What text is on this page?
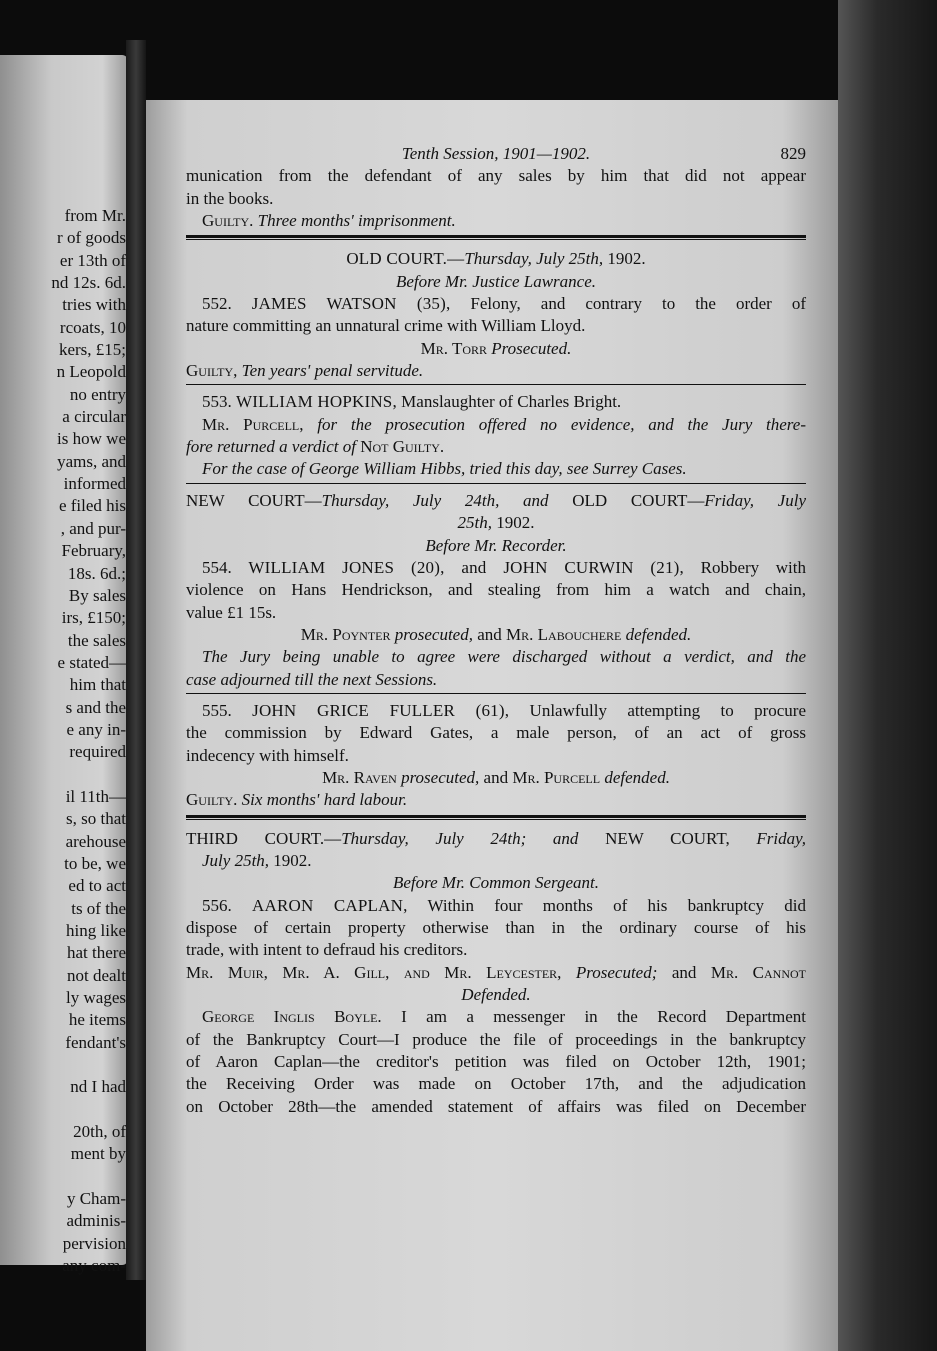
from Mr.
r of goods
er 13th of
nd 12s. 6d.
tries with
rcoats, 10
kers, £15;
n Leopold
no entry
a circular
is how we
yams, and
informed
e filed his
, and pur-
February,
18s. 6d.;
By sales
irs, £150;
the sales
e stated—
him that
s and the
e any in-
required

il 11th—
s, so that
arehouse
to be, we
ed to act
ts of the
hing like
hat there
not dealt
ly wages
he items
fendant's

nd I had

20th, of
ment by

y Cham-
adminis-
pervision
any com-
Tenth Session, 1901—1902.	829
munication from the defendant of any sales by him that did not appear
in the books.
Guilty. Three months' imprisonment.
OLD COURT.—Thursday, July 25th, 1902.
Before Mr. Justice Lawrance.
552. JAMES WATSON (35), Felony, and contrary to the order of
nature committing an unnatural crime with William Lloyd.
Mr. Torr Prosecuted.
Guilty, Ten years' penal servitude.
553. WILLIAM HOPKINS, Manslaughter of Charles Bright.
Mr. Purcell, for the prosecution offered no evidence, and the Jury there-
fore returned a verdict of Not Guilty.
For the case of George William Hibbs, tried this day, see Surrey Cases.
NEW COURT—Thursday, July 24th, and OLD COURT—Friday, July
25th, 1902.
Before Mr. Recorder.
554. WILLIAM JONES (20), and JOHN CURWIN (21), Robbery with
violence on Hans Hendrickson, and stealing from him a watch and chain,
value £1 15s.
Mr. Poynter prosecuted, and Mr. Labouchere defended.
The Jury being unable to agree were discharged without a verdict, and the
case adjourned till the next Sessions.
555. JOHN GRICE FULLER (61), Unlawfully attempting to procure
the commission by Edward Gates, a male person, of an act of gross
indecency with himself.
Mr. Raven prosecuted, and Mr. Purcell defended.
Guilty. Six months' hard labour.
THIRD COURT.—Thursday, July 24th; and NEW COURT, Friday,
July 25th, 1902.
Before Mr. Common Sergeant.
556. AARON CAPLAN, Within four months of his bankruptcy did
dispose of certain property otherwise than in the ordinary course of his
trade, with intent to defraud his creditors.
Mr. Muir, Mr. A. Gill, and Mr. Leycester, Prosecuted; and Mr. Cannot
Defended.
George Inglis Boyle. I am a messenger in the Record Department
of the Bankruptcy Court—I produce the file of proceedings in the bankruptcy
of Aaron Caplan—the creditor's petition was filed on October 12th, 1901;
the Receiving Order was made on October 17th, and the adjudication
on October 28th—the amended statement of affairs was filed on December
